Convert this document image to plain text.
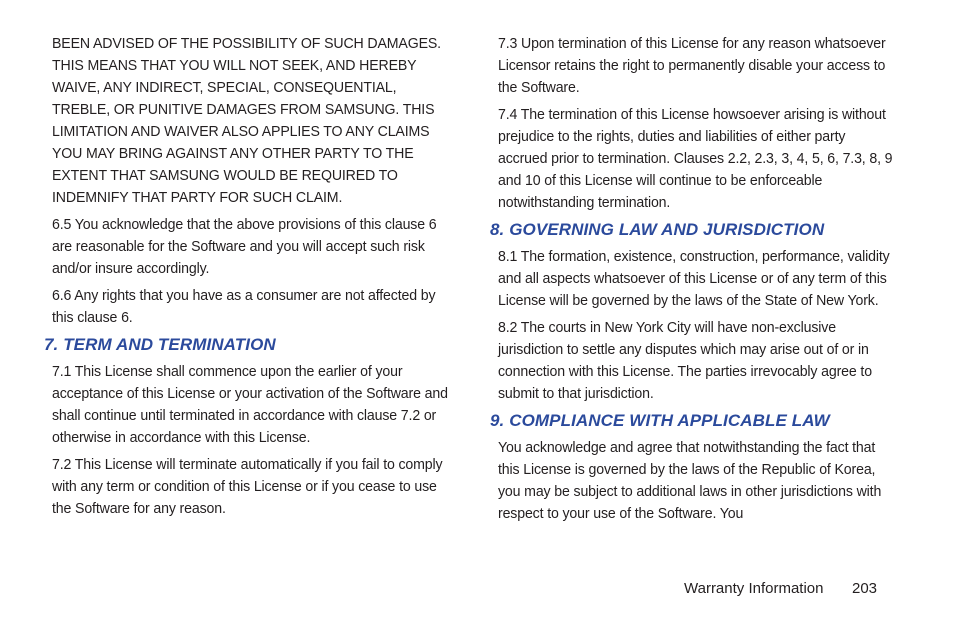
BEEN ADVISED OF THE POSSIBILITY OF SUCH DAMAGES. THIS MEANS THAT YOU WILL NOT SEEK, AND HEREBY WAIVE, ANY INDIRECT, SPECIAL, CONSEQUENTIAL, TREBLE, OR PUNITIVE DAMAGES FROM SAMSUNG. THIS LIMITATION AND WAIVER ALSO APPLIES TO ANY CLAIMS YOU MAY BRING AGAINST ANY OTHER PARTY TO THE EXTENT THAT SAMSUNG WOULD BE REQUIRED TO INDEMNIFY THAT PARTY FOR SUCH CLAIM.

6.5 You acknowledge that the above provisions of this clause 6 are reasonable for the Software and you will accept such risk and/or insure accordingly.

6.6 Any rights that you have as a consumer are not affected by this clause 6.

7. TERM AND TERMINATION

7.1 This License shall commence upon the earlier of your acceptance of this License or your activation of the Software and shall continue until terminated in accordance with clause 7.2 or otherwise in accordance with this License.

7.2 This License will terminate automatically if you fail to comply with any term or condition of this License or if you cease to use the Software for any reason.

7.3 Upon termination of this License for any reason whatsoever Licensor retains the right to permanently disable your access to the Software.

7.4 The termination of this License howsoever arising is without prejudice to the rights, duties and liabilities of either party accrued prior to termination. Clauses 2.2, 2.3, 3, 4, 5, 6, 7.3, 8, 9 and 10 of this License will continue to be enforceable notwithstanding termination.

8. GOVERNING LAW AND JURISDICTION

8.1 The formation, existence, construction, performance, validity and all aspects whatsoever of this License or of any term of this License will be governed by the laws of the State of New York.

8.2 The courts in New York City will have non-exclusive jurisdiction to settle any disputes which may arise out of or in connection with this License. The parties irrevocably agree to submit to that jurisdiction.

9. COMPLIANCE WITH APPLICABLE LAW

You acknowledge and agree that notwithstanding the fact that this License is governed by the laws of the Republic of Korea, you may be subject to additional laws in other jurisdictions with respect to your use of the Software. You

Warranty Information 203
